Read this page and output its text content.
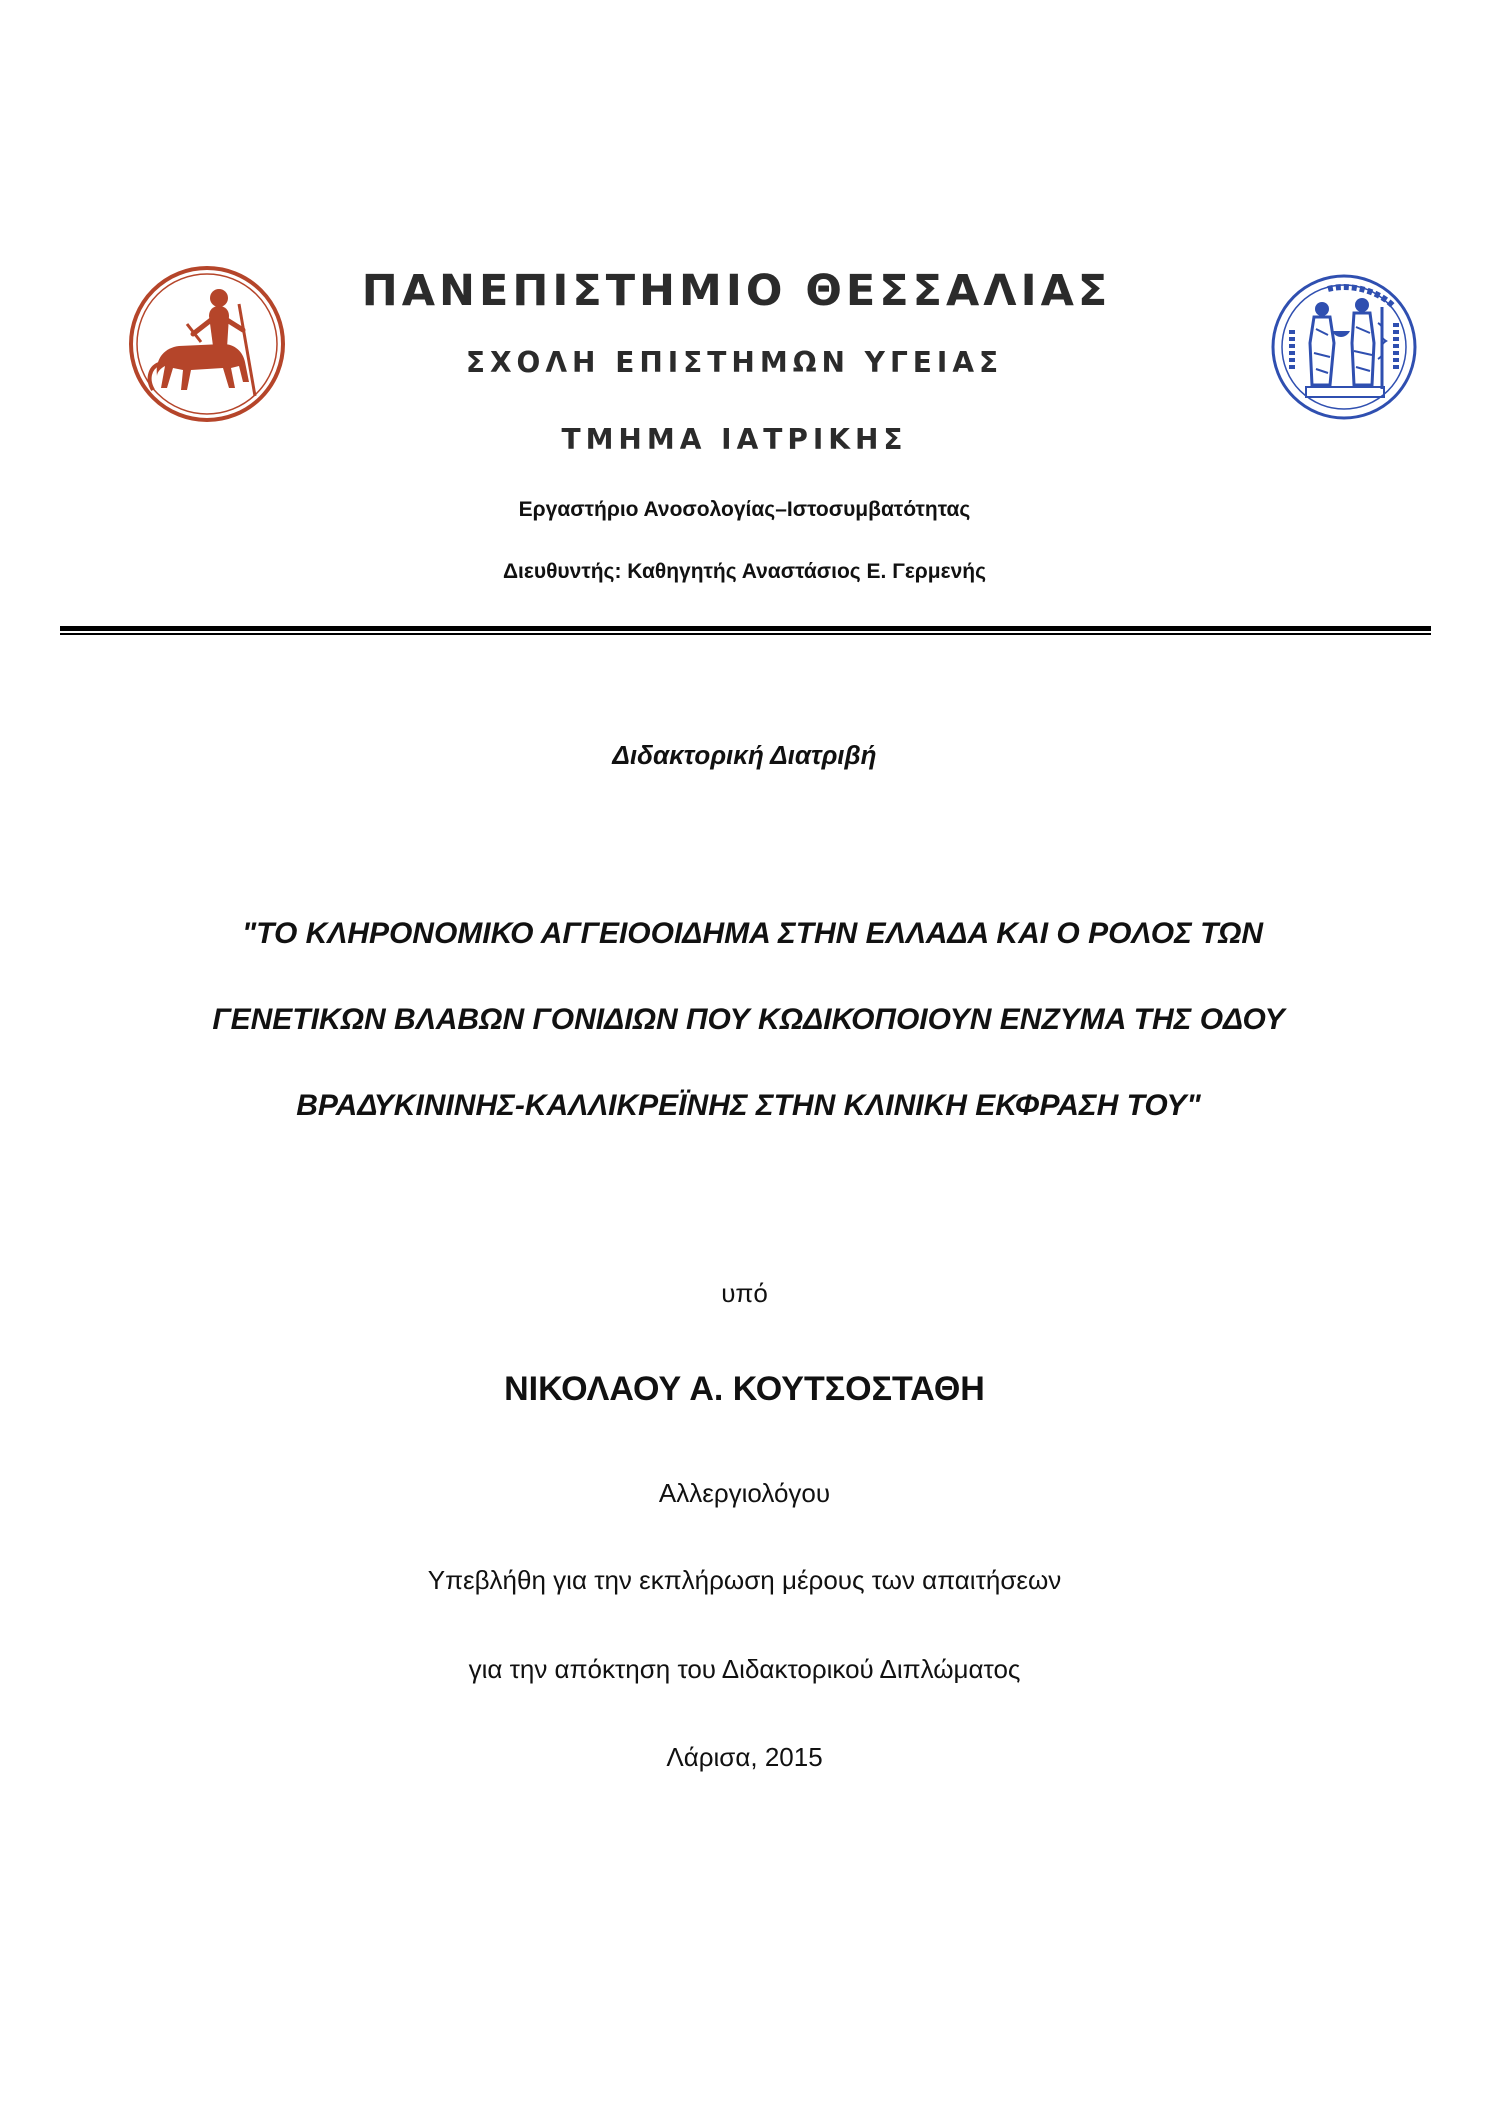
ΠΑΝΕΠΙΣΤΗΜΙΟ ΘΕΣΣΑΛΙΑΣ
ΣΧΟΛΗ ΕΠΙΣΤΗΜΩΝ ΥΓΕΙΑΣ
ΤΜΗΜΑ ΙΑΤΡΙΚΗΣ
Εργαστήριο Ανοσολογίας–Ιστοσυμβατότητας
Διευθυντής: Καθηγητής Αναστάσιος Ε. Γερμενής
Διδακτορική Διατριβή
"ΤΟ ΚΛΗΡΟΝΟΜΙΚΟ ΑΓΓΕΙΟΟΙΔΗΜΑ ΣΤΗΝ ΕΛΛΑΔΑ ΚΑΙ Ο ΡΟΛΟΣ ΤΩΝ
ΓΕΝΕΤΙΚΩΝ ΒΛΑΒΩΝ ΓΟΝΙΔΙΩΝ ΠΟΥ ΚΩΔΙΚΟΠΟΙΟΥΝ ΕΝΖΥΜΑ ΤΗΣ ΟΔΟΥ
ΒΡΑΔΥΚΙΝΙΝΗΣ-ΚΑΛΛΙΚΡΕΪΝΗΣ ΣΤΗΝ ΚΛΙΝΙΚΗ ΕΚΦΡΑΣΗ ΤΟΥ"
υπό
ΝΙΚΟΛΑΟΥ Α. ΚΟΥΤΣΟΣΤΑΘΗ
Αλλεργιολόγου
Υπεβλήθη για την εκπλήρωση μέρους των απαιτήσεων
για την απόκτηση του Διδακτορικού Διπλώματος
Λάρισα, 2015
